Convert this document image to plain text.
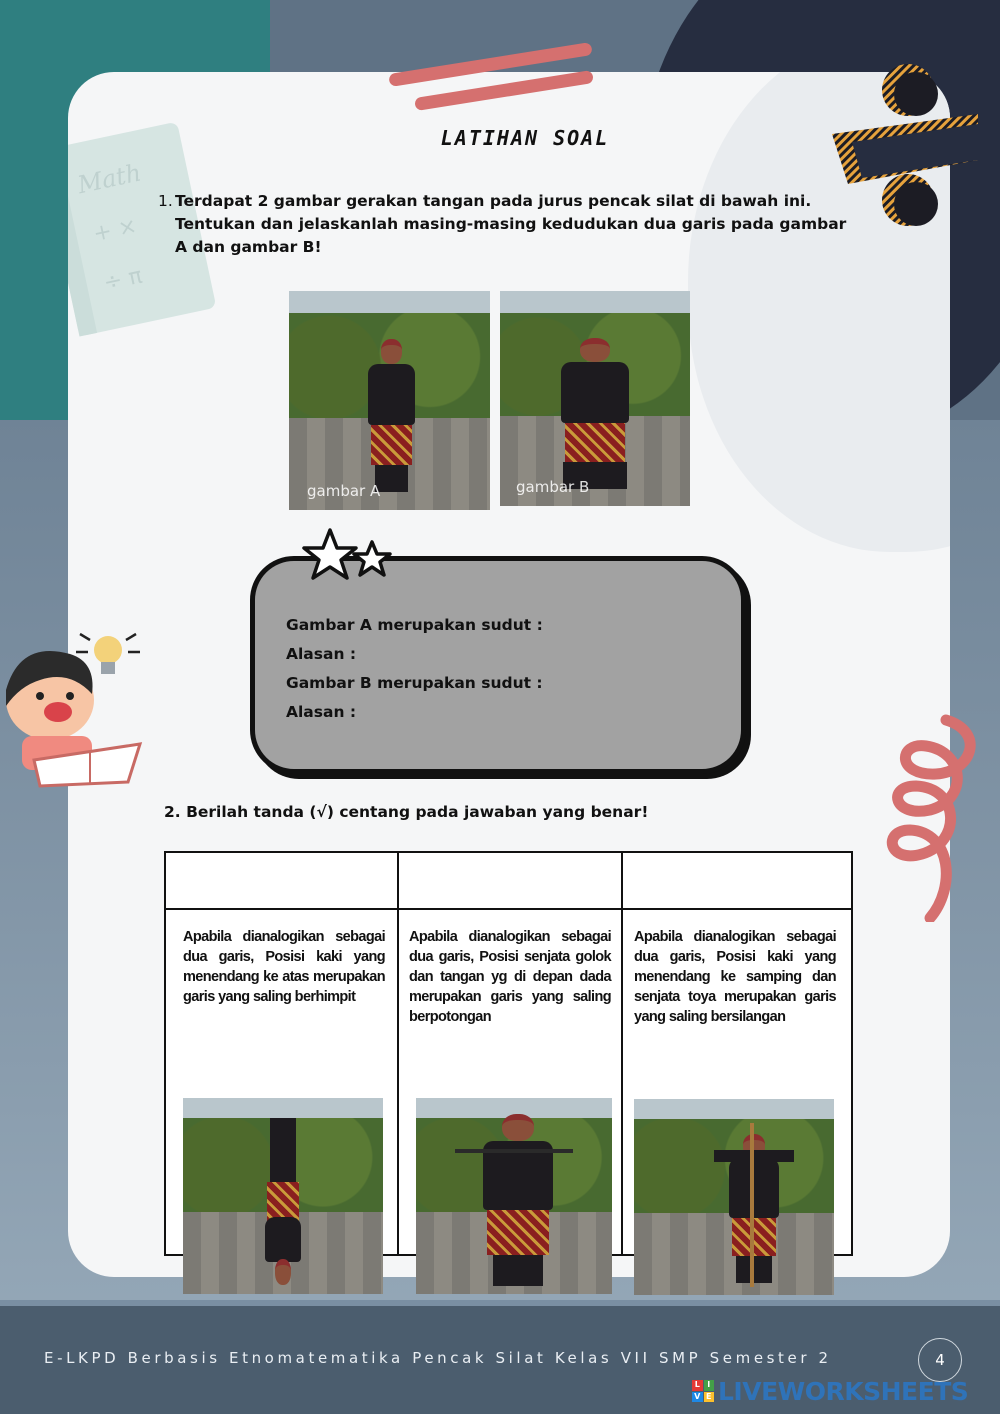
Math
+ ×
÷ π
LATIHAN SOAL
1. Terdapat 2 gambar gerakan tangan pada jurus pencak silat di bawah ini. Tentukan dan jelaskanlah masing-masing kedudukan dua garis pada gambar A dan gambar B!
gambar A	gambar B
Gambar A merupakan sudut :
Alasan :
Gambar B merupakan sudut :
Alasan :
2. Berilah tanda (√) centang pada jawaban yang benar!
Apabila dianalogikan sebagai dua garis, Posisi kaki yang menendang ke atas merupakan garis yang saling berhimpit
Apabila dianalogikan sebagai dua garis, Posisi senjata golok dan tangan yg di depan dada merupakan garis yang saling berpotongan
Apabila dianalogikan sebagai dua garis, Posisi kaki yang menendang ke samping dan senjata toya merupakan garis yang saling bersilangan
E-LKPD Berbasis Etnomatematika Pencak Silat Kelas VII SMP Semester 2	4
L I
V E LIVEWORKSHEETS
